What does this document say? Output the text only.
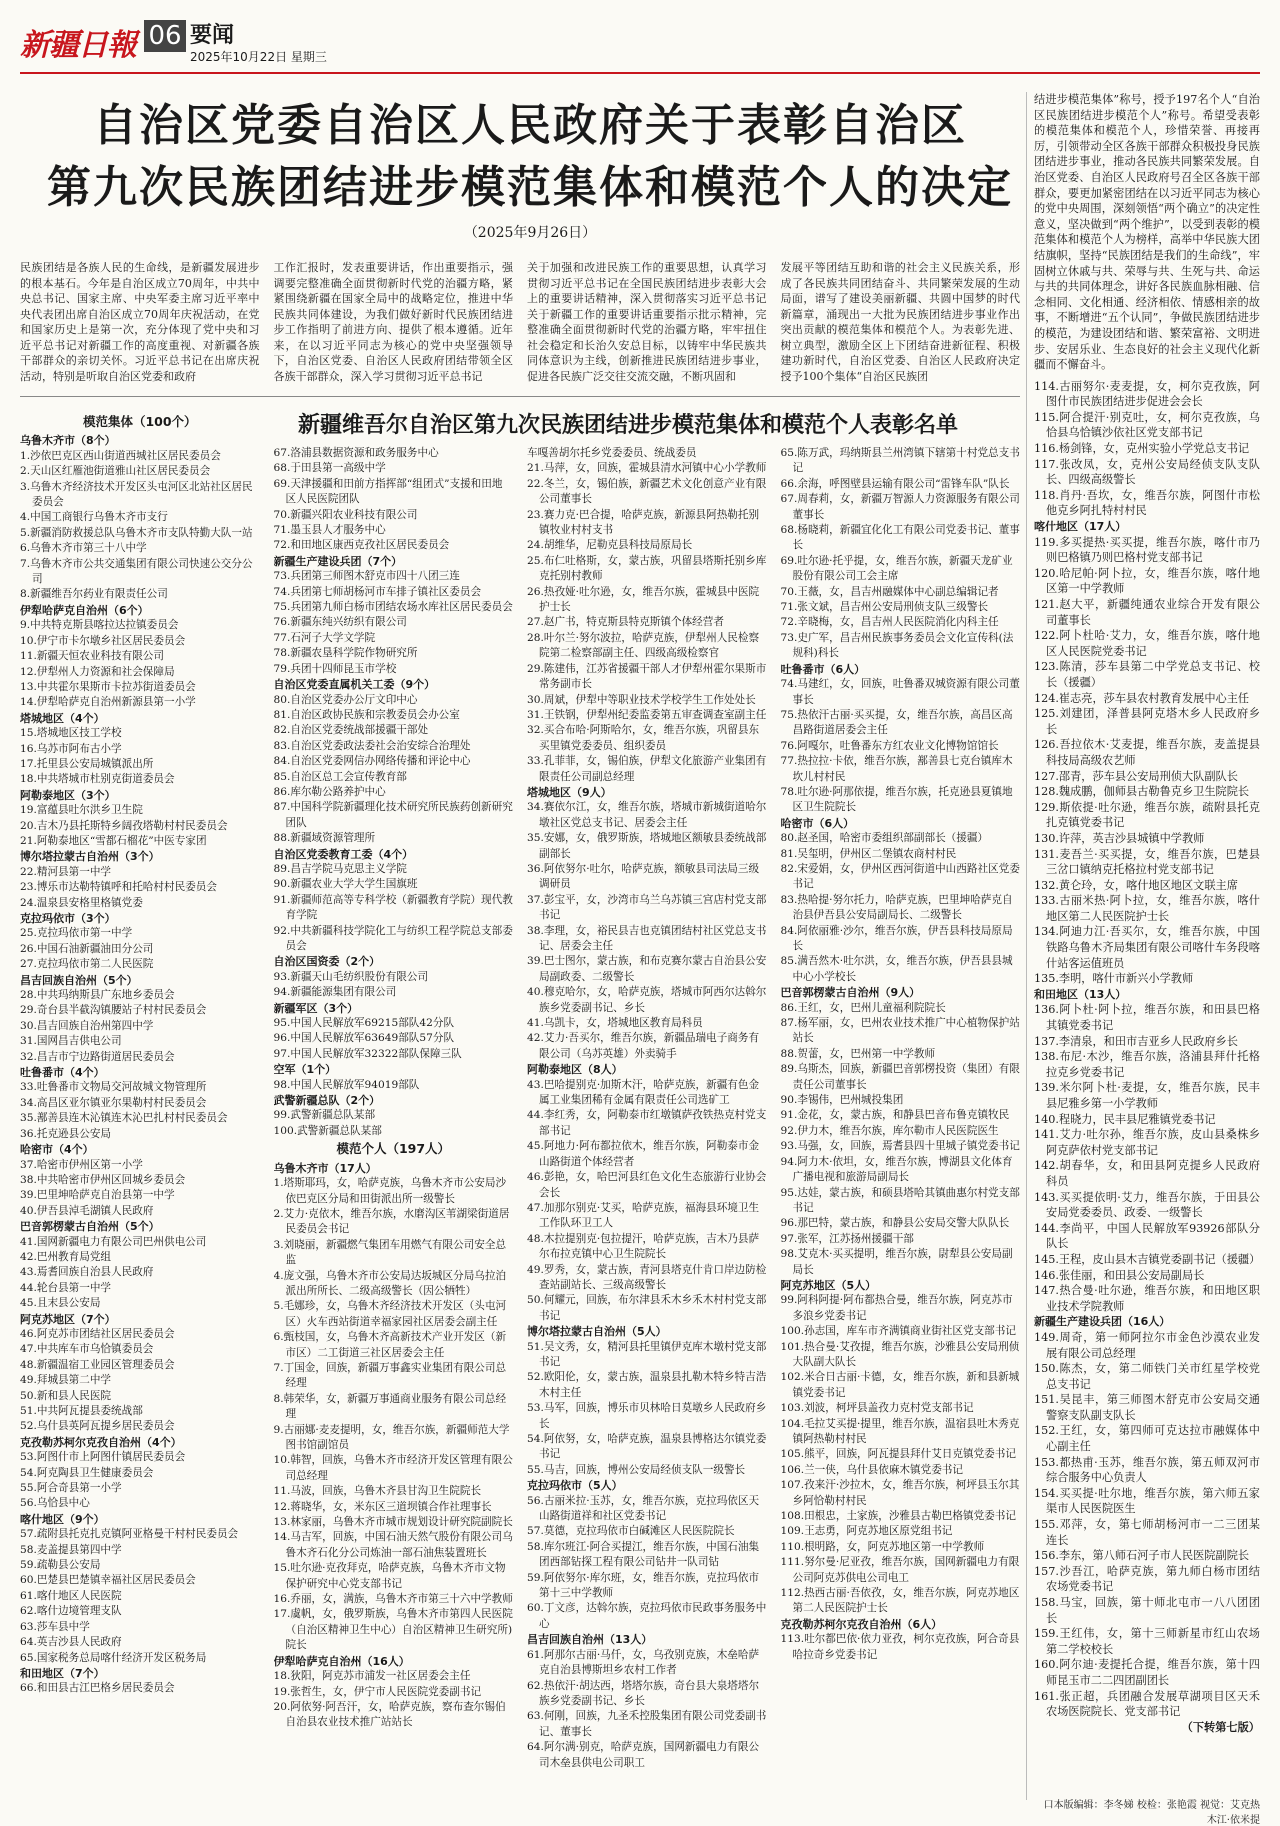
新疆日報 06 要闻
2025年10月22日 星期三
自治区党委自治区人民政府关于表彰自治区
第九次民族团结进步模范集体和模范个人的决定
（2025年9月26日）
民族团结是各族人民的生命线，是新疆发展进步的根本基石。今年是自治区成立70周年，中共中央总书记、国家主席、中央军委主席习近平率中央代表团出席自治区成立70周年庆祝活动，在党和国家历史上是第一次，充分体现了党中央和习近平总书记对新疆工作的高度重视、对新疆各族干部群众的亲切关怀。习近平总书记在出席庆祝活动，特别是听取自治区党委和政府
工作汇报时，发表重要讲话，作出重要指示，强调要完整准确全面贯彻新时代党的治疆方略，紧紧围绕新疆在国家全局中的战略定位，推进中华民族共同体建设，为我们做好新时代民族团结进步工作指明了前进方向、提供了根本遵循。近年来，在以习近平同志为核心的党中央坚强领导下，自治区党委、自治区人民政府团结带领全区各族干部群众，深入学习贯彻习近平总书记
关于加强和改进民族工作的重要思想，认真学习贯彻习近平总书记在全国民族团结进步表彰大会上的重要讲话精神，深入贯彻落实习近平总书记关于新疆工作的重要讲话重要指示批示精神，完整准确全面贯彻新时代党的治疆方略，牢牢扭住社会稳定和长治久安总目标，以铸牢中华民族共同体意识为主线，创新推进民族团结进步事业，促进各民族广泛交往交流交融，不断巩固和
发展平等团结互助和谐的社会主义民族关系，形成了各民族共同团结奋斗、共同繁荣发展的生动局面，谱写了建设美丽新疆、共圆中国梦的时代新篇章，涌现出一大批为民族团结进步事业作出突出贡献的模范集体和模范个人。为表彰先进、树立典型，激励全区上下团结奋进新征程、积极建功新时代，自治区党委、自治区人民政府决定授予100个集体“自治区民族团
新疆维吾尔自治区第九次民族团结进步模范集体和模范个人表彰名单
模范集体（100个）
乌鲁木齐市（8个）
1.沙依巴克区西山街道西城社区居民委员会
2.天山区红雁池街道雅山社区居民委员会
3.乌鲁木齐经济技术开发区头屯河区北站社区居民委员会
4.中国工商银行乌鲁木齐市支行
5.新疆消防救援总队乌鲁木齐市支队特勤大队一站
6.乌鲁木齐市第三十八中学
7.乌鲁木齐市公共交通集团有限公司快速公交分公司
8.新疆维吾尔药业有限责任公司
伊犁哈萨克自治州（6个）
9.中共特克斯县喀拉达拉镇委员会
10.伊宁市卡尔墩乡社区居民委员会
11.新疆天恒农业科技有限公司
12.伊犁州人力资源和社会保障局
13.中共霍尔果斯市卡拉苏街道委员会
14.伊犁哈萨克自治州新源县第一小学
塔城地区（4个）
15.塔城地区技工学校
16.乌苏市阿布古小学
17.托里县公安局城镇派出所
18.中共塔城市杜别克街道委员会
阿勒泰地区（3个）
19.富蕴县吐尔洪乡卫生院
20.吉木乃县托斯特乡阔孜塔勒村村民委员会
21.阿勒泰地区“雪都石榴花”中医专家团
博尔塔拉蒙古自治州（3个）
22.精河县第一中学
23.博乐市达勒特镇呼和托哈村村民委员会
24.温泉县安格里格镇党委
克拉玛依市（3个）
25.克拉玛依市第一中学
26.中国石油新疆油田分公司
27.克拉玛依市第二人民医院
昌吉回族自治州（5个）
28.中共玛纳斯县广东地乡委员会
29.奇台县半截沟镇腰站子村村民委员会
30.昌吉回族自治州第四中学
31.国网昌吉供电公司
32.昌吉市宁边路街道居民委员会
吐鲁番市（4个）
33.吐鲁番市文物局交河故城文物管理所
34.高昌区亚尔镇亚尔果勒村村民委员会
35.鄯善县连木沁镇连木沁巴扎村村民委员会
36.托克逊县公安局
哈密市（4个）
37.哈密市伊州区第一小学
38.中共哈密市伊州区回城乡委员会
39.巴里坤哈萨克自治县第一中学
40.伊吾县淖毛湖镇人民政府
巴音郭楞蒙古自治州（5个）
41.国网新疆电力有限公司巴州供电公司
42.巴州教育局党组
43.焉耆回族自治县人民政府
44.轮台县第一中学
45.且末县公安局
阿克苏地区（7个）
46.阿克苏市团结社区居民委员会
47.中共库车市乌恰镇委员会
48.新疆温宿工业园区管理委员会
49.拜城县第二中学
50.新和县人民医院
51.中共阿瓦提县委统战部
52.乌什县英阿瓦提乡居民委员会
克孜勒苏柯尔克孜自治州（4个）
53.阿图什市上阿图什镇居民委员会
54.阿克陶县卫生健康委员会
55.阿合奇县第一小学
56.乌恰县中心
喀什地区（9个）
57.疏附县托克扎克镇阿亚格曼干村村民委员会
58.麦盖提县第四中学
59.疏勒县公安局
60.巴楚县巴楚镇幸福社区居民委员会
61.喀什地区人民医院
62.喀什边境管理支队
63.莎车县中学
64.英吉沙县人民政府
65.国家税务总局喀什经济开发区税务局
和田地区（7个）
66.和田县古江巴格乡居民委员会
67.洛浦县数据资源和政务服务中心
68.于田县第一高级中学
69.天津援疆和田前方指挥部“组团式”支援和田地区人民医院团队
70.新疆兴阳农业科技有限公司
71.墨玉县人才服务中心
72.和田地区康西克孜社区居民委员会
新疆生产建设兵团（7个）
73.兵团第三师图木舒克市四十八团三连
74.兵团第七师胡杨河市车排子镇社区委员会
75.兵团第九师白杨市团结农场水库社区居民委员会
76.新疆东纯兴纺织有限公司
77.石河子大学文学院
78.新疆农垦科学院作物研究所
79.兵团十四师昆玉市学校
自治区党委直属机关工委（9个）
80.自治区党委办公厅文印中心
81.自治区政协民族和宗教委员会办公室
82.自治区党委统战部援疆干部处
83.自治区党委政法委社会治安综合治理处
84.自治区党委网信办网络传播和评论中心
85.自治区总工会宣传教育部
86.库尔勒公路养护中心
87.中国科学院新疆理化技术研究所民族药创新研究团队
88.新疆域资源管理所
自治区党委教育工委（4个）
89.昌吉学院马克思主义学院
90.新疆农业大学大学生国旗班
91.新疆师范高等专科学校（新疆教育学院）现代教育学院
92.中共新疆科技学院化工与纺织工程学院总支部委员会
自治区国资委（2个）
93.新疆天山毛纺织股份有限公司
94.新疆能源集团有限公司
新疆军区（3个）
95.中国人民解放军69215部队42分队
96.中国人民解放军63649部队57分队
97.中国人民解放军32322部队保障三队
空军（1个）
98.中国人民解放军94019部队
武警新疆总队（2个）
99.武警新疆总队某部
100.武警新疆总队某部
模范个人（197人）
乌鲁木齐市（17人）
1.塔斯耶玛，女，哈萨克族，乌鲁木齐市公安局沙依巴克区分局和田街派出所一级警长
2.艾力·克依木，维吾尔族，水磨沟区苇湖梁街道居民委员会书记
3.刘晓丽，新疆燃气集团车用燃气有限公司安全总监
4.庞文强，乌鲁木齐市公安局达坂城区分局乌拉泊派出所所长、二级高级警长（因公牺牲）
5.毛娜珍，女，乌鲁木齐经济技术开发区（头屯河区）火车西站街道幸福家园社区居委会副主任
6.甄枝国，女，乌鲁木齐高新技术产业开发区（新市区）二工街道三社区居委会主任
7.丁国金，回族，新疆万事鑫实业集团有限公司总经理
8.韩荣华，女，新疆万事通商业服务有限公司总经理
9.古丽娜·麦麦提明，女，维吾尔族，新疆师范大学图书馆副馆员
10.韩智，回族，乌鲁木齐市经济开发区管理有限公司总经理
11.马波，回族，乌鲁木齐县甘沟卫生院院长
12.蒋晓华，女，米东区三道坝镇合作社理事长
13.林家丽，乌鲁木齐市城市规划设计研究院副院长
14.马吉军，回族，中国石油天然气股份有限公司乌鲁木齐石化分公司炼油一部石油焦装置班长
15.吐尔逊·克孜拜克，哈萨克族，乌鲁木齐市文物保护研究中心党支部书记
16.乔丽，女，满族，乌鲁木齐市第三十六中学教师
17.虞帆，女，俄罗斯族，乌鲁木齐市第四人民医院（自治区精神卫生中心）自治区精神卫生研究所)院长
伊犁哈萨克自治州（16人）
18.狄阳，阿克苏市浦发一社区居委会主任
19.张哲生，女，伊宁市人民医院党委副书记
20.阿依努·阿吾汗，女，哈萨克族，察布查尔锡伯自治县农业技术推广站站长
车嘎善胡尔托乡党委委员、统战委员
21.马萍，女，回族，霍城县清水河镇中心小学教师
22.冬兰，女，锡伯族，新疆艺术文化创意产业有限公司董事长
23.赛力克·巴合提，哈萨克族，新源县阿热勒托别镇牧业村村支书
24.胡维华，尼勒克县科技局原局长
25.布仁吐格斯，女，蒙古族，巩留县塔斯托别乡库克托别村教师
26.热孜娅·吐尔逊，女，维吾尔族，霍城县中医院护士长
27.赵广书，特克斯县特克斯镇个体经营者
28.叶尔兰·努尔波拉，哈萨克族，伊犁州人民检察院第二检察部副主任、四级高级检察官
29.陈建伟，江苏省援疆干部人才伊犁州霍尔果斯市常务副市长
30.周斌，伊犁中等职业技术学校学生工作处处长
31.王铁钢，伊犁州纪委监委第五审查调查室副主任
32.买合布哈·阿斯哈尔，女，维吾尔族，巩留县东买里镇党委委员、组织委员
33.孔菲菲，女，锡伯族，伊犁文化旅游产业集团有限责任公司副总经理
塔城地区（9人）
34.赛依尔江，女，维吾尔族，塔城市新城街道哈尔墩社区党总支书记、居委会主任
35.安娜，女，俄罗斯族，塔城地区额敏县委统战部副部长
36.阿依努尔·吐尔，哈萨克族，额敏县司法局三级调研员
37.彭宝平，女，沙湾市乌兰乌苏镇三宫店村党支部书记
38.李理，女，裕民县吉也克镇团结村社区党总支书记、居委会主任
39.巴士图尔，蒙古族，和布克赛尔蒙古自治县公安局副政委、二级警长
40.穆克哈尔，女，哈萨克族，塔城市阿西尔达斡尔族乡党委副书记、乡长
41.乌凯卡，女，塔城地区教育局科员
42.艾力·吾买尔，维吾尔族，新疆品瑞电子商务有限公司（乌苏英雄）外卖骑手
阿勒泰地区（8人）
43.巴哈提别克·加斯木汗，哈萨克族，新疆有色金属工业集团稀有金属有限责任公司选矿工
44.李红秀，女，阿勒泰市红墩镇萨孜铁热克村党支部书记
45.阿地力·阿布都拉依木，维吾尔族，阿勒泰市金山路街道个体经营者
46.彭艳，女，哈巴河县红色文化生态旅游行业协会会长
47.加那尔别克·艾买，哈萨克族，福海县环境卫生工作队环卫工人
48.木拉提别克·包拉提汗，哈萨克族，吉木乃县萨尔布拉克镇中心卫生院院长
49.罗秀，女，蒙古族，青河县塔克什肯口岸边防检查站副站长、三级高级警长
50.何耀元，回族，布尔津县禾木乡禾木村村党支部书记
博尔塔拉蒙古自治州（5人）
51.吴文秀，女，精河县托里镇伊克库木墩村党支部书记
52.欧阳伦，女，蒙古族，温泉县扎勒木特乡特吉浩木村主任
53.马军，回族，博乐市贝林哈日莫墩乡人民政府乡长
54.阿依努，女，哈萨克族，温泉县博格达尔镇党委书记
55.马吉，回族，博州公安局经侦支队一级警长
克拉玛依市（5人）
56.古丽米拉·玉苏，女，维吾尔族，克拉玛依区天山路街道祥和社区党委书记
57.莫德，克拉玛依市白碱滩区人民医院院长
58.库尔班江·阿合买提江，维吾尔族，中国石油集团西部钻探工程有限公司钻井一队司钻
59.阿依努尔·库尔班，女，维吾尔族，克拉玛依市第十三中学教师
60.丁文彦，达斡尔族，克拉玛依市民政事务服务中心
昌吉回族自治州（13人）
61.阿那尔古丽·马仟，女，乌孜别克族，木垒哈萨克自治县博斯坦乡农村工作者
62.热依汗·胡达西，塔塔尔族，奇台县大泉塔塔尔族乡党委副书记、乡长
63.何刚，回族，九圣禾控股集团有限公司党委副书记、董事长
64.阿尔满·别克，哈萨克族，国网新疆电力有限公司木垒县供电公司职工
65.陈万武，玛纳斯县兰州湾镇下辖第十村党总支书记
66.余海，呼图壁县运输有限公司“雷锋车队”队长
67.周春莉，女，新疆万智源人力资源服务有限公司董事长
68.杨晓莉，新疆宜化化工有限公司党委书记、董事长
69.吐尔逊·托乎提，女，维吾尔族，新疆天龙矿业股份有限公司工会主席
70.王薇，女，昌吉州融媒体中心副总编辑记者
71.张文斌，昌吉州公安局刑侦支队三级警长
72.辛晓梅，女，昌吉州人民医院消化内科主任
73.史广军，昌吉州民族事务委员会文化宣传科(法规科)科长
吐鲁番市（6人）
74.马建红，女，回族，吐鲁番双城资源有限公司董事长
75.热依汗古丽·买买提，女，维吾尔族，高昌区高昌路街道居委会主任
76.阿嘎尔，吐鲁番东方红农业文化博物馆馆长
77.热拉拉·卡依，维吾尔族，鄯善县七克台镇库木坎儿村村民
78.吐尔逊·阿那依提，维吾尔族，托克逊县夏镇地区卫生院院长
哈密市（6人）
80.赵圣国，哈密市委组织部副部长（援疆）
81.吴玺明，伊州区二堡镇农商村村民
82.宋爱娟，女，伊州区西河街道中山西路社区党委书记
83.热哈提·努尔托力，哈萨克族，巴里坤哈萨克自治县伊吾县公安局副局长、二级警长
84.阿依丽雅·沙尔，维吾尔族，伊吾县科技局原局长
85.满吾然木·吐尔洪，女，维吾尔族，伊吾县县城中心小学校长
巴音郭楞蒙古自治州（9人）
86.王红，女，巴州儿童福利院院长
87.杨军丽，女，巴州农业技术推广中心植物保护站站长
88.贺蕾，女，巴州第一中学教师
89.乌斯杰，回族，新疆巴音郭楞投资（集团）有限责任公司董事长
90.李锡伟，巴州城投集团
91.金花，女，蒙古族，和静县巴音布鲁克镇牧民
92.伊力木，维吾尔族，库尔勒市人民医院医生
93.马强，女，回族，焉耆县四十里城子镇党委书记
94.阿力木·依坦，女，维吾尔族，博湖县文化体育广播电视和旅游局副局长
95.达娃，蒙古族，和硕县塔哈其镇曲惠尔村党支部书记
96.那巴特，蒙古族，和静县公安局交警大队队长
97.张军，江苏扬州援疆干部
98.艾克木·买买提明，维吾尔族，尉犁县公安局副局长
阿克苏地区（5人）
99.阿科阿提·阿布都热合曼，维吾尔族，阿克苏市多浪乡党委书记
100.孙志国，库车市齐满镇商业街社区党支部书记
101.热合曼·艾孜提，维吾尔族，沙雅县公安局刑侦大队副大队长
102.米合日古丽·卡德，女，维吾尔族，新和县新城镇党委书记
103.刘波，柯坪县盖孜力克村党支部书记
104.毛拉艾买提·提里，维吾尔族，温宿县吐木秀克镇阿热勒村村民
105.熊平，回族，阿瓦提县拜什艾日克镇党委书记
106.兰一侠，乌什县依麻木镇党委书记
107.孜来汗·沙拉木，女，维吾尔族，柯坪县玉尔其乡阿恰勒村村民
108.田根忠，土家族，沙雅县古勒巴格镇党委书记
109.王志勇，阿克苏地区原党组书记
110.根明路，女，阿克苏地区第一中学教师
111.努尔曼·尼亚孜，维吾尔族，国网新疆电力有限公司阿克苏供电公司电工
112.热西古丽·吾依孜，女，维吾尔族，阿克苏地区第二人民医院护士长
克孜勒苏柯尔克孜自治州（6人）
113.吐尔都巴依·依力亚孜，柯尔克孜族，阿合奇县哈拉奇乡党委书记
结进步模范集体”称号，授予197名个人“自治区民族团结进步模范个人”称号。希望受表彰的模范集体和模范个人，珍惜荣誉、再接再厉，引领带动全区各族干部群众积极投身民族团结进步事业，推动各民族共同繁荣发展。自治区党委、自治区人民政府号召全区各族干部群众，要更加紧密团结在以习近平同志为核心的党中央周围，深刻领悟“两个确立”的决定性意义，坚决做到“两个维护”，以受到表彰的模范集体和模范个人为榜样，高举中华民族大团结旗帜，坚持“民族团结是我们的生命线”，牢固树立休戚与共、荣辱与共、生死与共、命运与共的共同体理念，讲好各民族血脉相融、信念相同、文化相通、经济相依、情感相亲的故事，不断增进“五个认同”，争做民族团结进步的模范，为建设团结和谐、繁荣富裕、文明进步、安居乐业、生态良好的社会主义现代化新疆而不懈奋斗。
114.古丽努尔·麦麦提，女，柯尔克孜族，阿图什市民族团结进步促进会会长
115.阿合提汗·别克吐，女，柯尔克孜族，乌恰县乌恰镇沙依社区党支部书记
116.杨剑锋，女，克州实验小学党总支书记
117.张改凤，女，克州公安局经侦支队支队长、四级高级警长
118.肖丹·吾坎，女，维吾尔族，阿图什市松他克乡阿扎特村村民
喀什地区（17人）
119.多买提热·买买提，维吾尔族，喀什市乃则巴格镇乃则巴格村党支部书记
120.哈尼帕·阿卜拉，女，维吾尔族，喀什地区第一中学教师
121.赵大平，新疆纯通农业综合开发有限公司董事长
122.阿卜杜哈·艾力，女，维吾尔族，喀什地区人民医院党委书记
123.陈清，莎车县第二中学党总支书记、校长（援疆）
124.崔志亮，莎车县农村教育发展中心主任
125.刘建团，泽普县阿克塔木乡人民政府乡长
126.吾拉依木·艾麦提，维吾尔族，麦盖提县科技局高级农艺师
127.邵青，莎车县公安局刑侦大队副队长
128.魏成鹏，伽师县古勒鲁克乡卫生院院长
129.斯依提·吐尔逊，维吾尔族，疏附县托克扎克镇党委书记
130.许萍，英吉沙县城镇中学教师
131.麦吾兰·买买提，女，维吾尔族，巴楚县三岔口镇纳克托格拉村党支部书记
132.黄仑玲，女，喀什地区地区文联主席
133.古丽米热·阿卜拉，女，维吾尔族，喀什地区第二人民医院护士长
134.阿迪力江·吾买尔，女，维吾尔族，中国铁路乌鲁木齐局集团有限公司喀什车务段喀什站客运值班员
135.李明，喀什市新兴小学教师
和田地区（13人）
136.阿卜杜·阿卜拉，维吾尔族，和田县巴格其镇党委书记
137.李清泉，和田市吉亚乡人民政府乡长
138.布尼·木沙，维吾尔族，洛浦县拜什托格拉克乡党委书记
139.米尔阿卜杜·麦提，女，维吾尔族，民丰县尼雅乡第一小学教师
140.程晓力，民丰县尼雅镇党委书记
141.艾力·吐尔孙，维吾尔族，皮山县桑株乡阿克萨依村党支部书记
142.胡春华，女，和田县阿克提乡人民政府科员
143.买买提依明·艾力，维吾尔族，于田县公安局党委委员、政委、一级警长
144.李尚平，中国人民解放军93926部队分队长
145.王程，皮山县木吉镇党委副书记（援疆）
146.张佳丽，和田县公安局副局长
147.热合曼·吐尔逊，维吾尔族，和田地区职业技术学院教师
新疆生产建设兵团（16人）
149.周奇，第一师阿拉尔市金色沙漠农业发展有限公司总经理
150.陈杰，女，第二师铁门关市红星学校党总支书记
151.吴昆丰，第三师图木舒克市公安局交通警察支队副支队长
152.王红，女，第四师可克达拉市融媒体中心副主任
153.都热甫·玉苏，维吾尔族，第五师双河市综合服务中心负责人
154.买买提·吐尔地，维吾尔族，第六师五家渠市人民医院医生
155.邓萍，女，第七师胡杨河市一二三团某连长
156.李东，第八师石河子市人民医院副院长
157.沙吾江，哈萨克族，第九师白杨市团结农场党委书记
158.马宝，回族，第十师北屯市一八八团团长
159.王红伟，女，第十三师新星市红山农场第二学校校长
160.阿尔迪·麦提托合提，维吾尔族，第十四师昆玉市二二四团副团长
161.张正超，兵团融合发展草湖项目区天禾农场医院院长、党支部书记
（下转第七版）
口本版编辑：李冬娣 校检：张艳霞 视觉：艾克热木江·依米提
